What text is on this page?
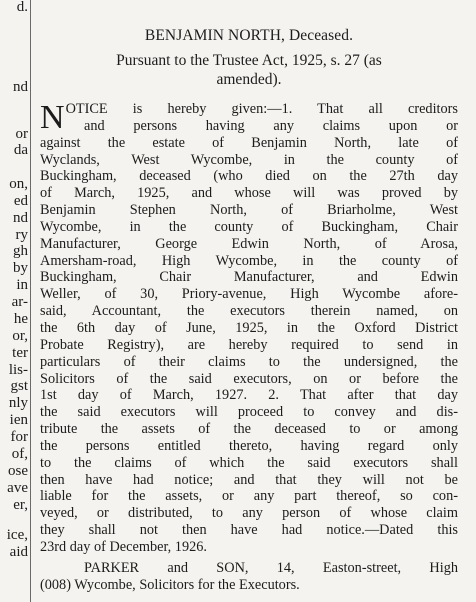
d.
nd
or
da
on,
ed
nd
ry
gh
by
in
ar-
he
or,
ter
lis-
gst
nly
ien
for
of,
ose
ave
er,
ice,
aid
BENJAMIN NORTH, Deceased.
Pursuant to the Trustee Act, 1925, s. 27 (as
amended).
N OTICE is hereby given:—1. That all creditors
and persons having any claims upon or
against the estate of Benjamin North, late of
Wyclands, West Wycombe, in the county of
Buckingham, deceased (who died on the 27th day
of March, 1925, and whose will was proved by
Benjamin Stephen North, of Briarholme, West
Wycombe, in the county of Buckingham, Chair
Manufacturer, George Edwin North, of Arosa,
Amersham-road, High Wycombe, in the county of
Buckingham, Chair Manufacturer, and Edwin
Weller, of 30, Priory-avenue, High Wycombe afore-
said, Accountant, the executors therein named, on
the 6th day of June, 1925, in the Oxford District
Probate Registry), are hereby required to send in
particulars of their claims to the undersigned, the
Solicitors of the said executors, on or before the
1st day of March, 1927. 2. That after that day
the said executors will proceed to convey and dis-
tribute the assets of the deceased to or among
the persons entitled thereto, having regard only
to the claims of which the said executors shall
then have had notice; and that they will not be
liable for the assets, or any part thereof, so con-
veyed, or distributed, to any person of whose claim
they shall not then have had notice.—Dated this
23rd day of December, 1926.
PARKER and SON, 14, Easton-street, High
(008) Wycombe, Solicitors for the Executors.
